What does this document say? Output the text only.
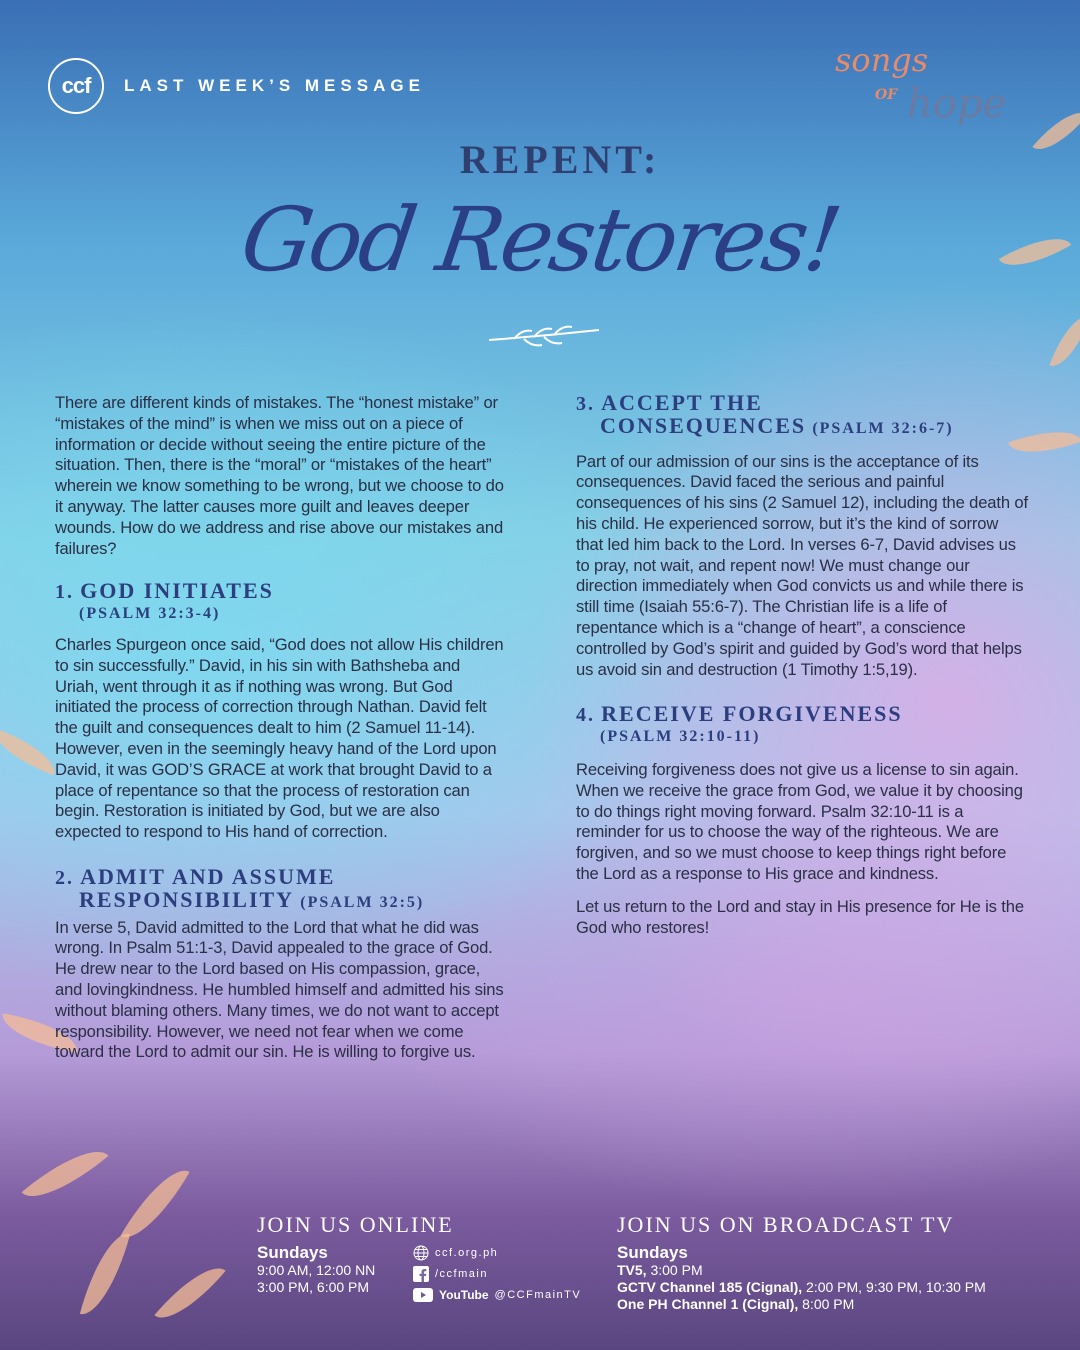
ccf	LAST WEEK’S MESSAGE
songs
OF hope
REPENT:
God Restores!

There are different kinds of mistakes. The “honest mistake” or “mistakes of the mind” is when we miss out on a piece of information or decide without seeing the entire picture of the situation. Then, there is the “moral” or “mistakes of the heart” wherein we know something to be wrong, but we choose to do it anyway. The latter causes more guilt and leaves deeper wounds. How do we address and rise above our mistakes and failures?

1. GOD INITIATES
(PSALM 32:3-4)

Charles Spurgeon once said, “God does not allow His children to sin successfully.” David, in his sin with Bathsheba and Uriah, went through it as if nothing was wrong. But God initiated the process of correction through Nathan. David felt the guilt and consequences dealt to him (2 Samuel 11-14). However, even in the seemingly heavy hand of the Lord upon David, it was GOD’S GRACE at work that brought David to a place of repentance so that the process of restoration can begin. Restoration is initiated by God, but we are also expected to respond to His hand of correction.

2. ADMIT AND ASSUME
RESPONSIBILITY (PSALM 32:5)

In verse 5, David admitted to the Lord that what he did was wrong. In Psalm 51:1-3, David appealed to the grace of God. He drew near to the Lord based on His compassion, grace, and lovingkindness. He humbled himself and admitted his sins without blaming others. Many times, we do not want to accept responsibility. However, we need not fear when we come toward the Lord to admit our sin. He is willing to forgive us.

3. ACCEPT THE
CONSEQUENCES (PSALM 32:6-7)

Part of our admission of our sins is the acceptance of its consequences. David faced the serious and painful consequences of his sins (2 Samuel 12), including the death of his child. He experienced sorrow, but it’s the kind of sorrow that led him back to the Lord. In verses 6-7, David advises us to pray, not wait, and repent now! We must change our direction immediately when God convicts us and while there is still time (Isaiah 55:6-7). The Christian life is a life of repentance which is a “change of heart”, a conscience controlled by God’s spirit and guided by God’s word that helps us avoid sin and destruction (1 Timothy 1:5,19).

4. RECEIVE FORGIVENESS
(PSALM 32:10-11)

Receiving forgiveness does not give us a license to sin again. When we receive the grace from God, we value it by choosing to do things right moving forward. Psalm 32:10-11 is a reminder for us to choose the way of the righteous. We are forgiven, and so we must choose to keep things right before the Lord as a response to His grace and kindness.

Let us return to the Lord and stay in His presence for He is the God who restores!

JOIN US ONLINE
Sundays
9:00 AM, 12:00 NN
3:00 PM, 6:00 PM
ccf.org.ph
/ccfmain
YouTube @CCFmainTV
JOIN US ON BROADCAST TV
Sundays
TV5, 3:00 PM
GCTV Channel 185 (Cignal), 2:00 PM, 9:30 PM, 10:30 PM
One PH Channel 1 (Cignal), 8:00 PM
